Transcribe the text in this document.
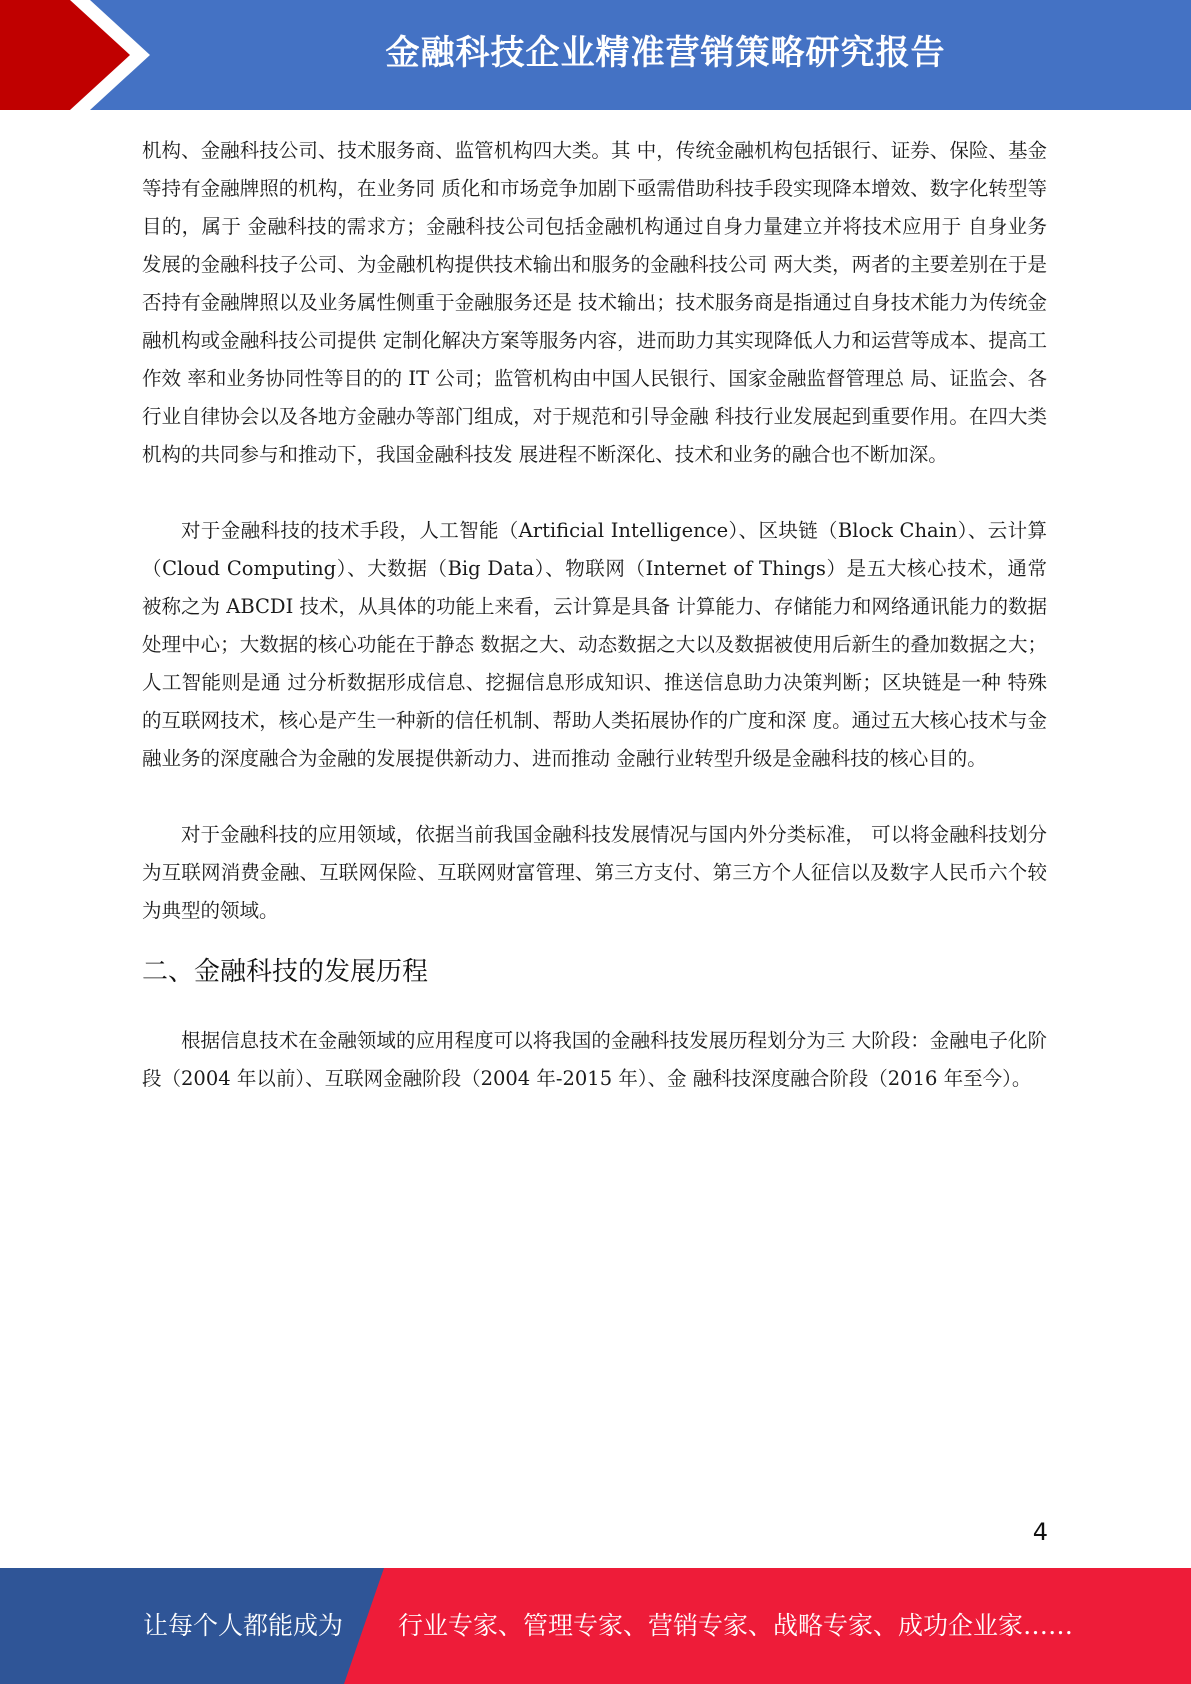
金融科技企业精准营销策略研究报告

机构、金融科技公司、技术服务商、监管机构四大类。其 中，传统金融机构包括银行、证券、保险、基金等持有金融牌照的机构，在业务同 质化和市场竞争加剧下亟需借助科技手段实现降本增效、数字化转型等目的，属于 金融科技的需求方；金融科技公司包括金融机构通过自身力量建立并将技术应用于 自身业务发展的金融科技子公司、为金融机构提供技术输出和服务的金融科技公司 两大类，两者的主要差别在于是否持有金融牌照以及业务属性侧重于金融服务还是 技术输出；技术服务商是指通过自身技术能力为传统金融机构或金融科技公司提供 定制化解决方案等服务内容，进而助力其实现降低人力和运营等成本、提高工作效 率和业务协同性等目的的 IT 公司；监管机构由中国人民银行、国家金融监督管理总 局、证监会、各行业自律协会以及各地方金融办等部门组成，对于规范和引导金融 科技行业发展起到重要作用。在四大类机构的共同参与和推动下，我国金融科技发 展进程不断深化、技术和业务的融合也不断加深。

对于金融科技的技术手段，人工智能（Artificial Intelligence）、区块链（Block Chain）、云计算（Cloud Computing）、大数据（Big Data）、物联网（Internet of Things）是五大核心技术，通常被称之为 ABCDI 技术，从具体的功能上来看，云计算是具备 计算能力、存储能力和网络通讯能力的数据处理中心；大数据的核心功能在于静态 数据之大、动态数据之大以及数据被使用后新生的叠加数据之大；人工智能则是通 过分析数据形成信息、挖掘信息形成知识、推送信息助力决策判断；区块链是一种 特殊的互联网技术，核心是产生一种新的信任机制、帮助人类拓展协作的广度和深 度。通过五大核心技术与金融业务的深度融合为金融的发展提供新动力、进而推动 金融行业转型升级是金融科技的核心目的。

对于金融科技的应用领域，依据当前我国金融科技发展情况与国内外分类标准， 可以将金融科技划分为互联网消费金融、互联网保险、互联网财富管理、第三方支付、第三方个人征信以及数字人民币六个较为典型的领域。

二、金融科技的发展历程

根据信息技术在金融领域的应用程度可以将我国的金融科技发展历程划分为三 大阶段：金融电子化阶段（2004 年以前）、互联网金融阶段（2004 年-2015 年）、金 融科技深度融合阶段（2016 年至今）。

4
让每个人都能成为 行业专家、管理专家、营销专家、战略专家、成功企业家……
